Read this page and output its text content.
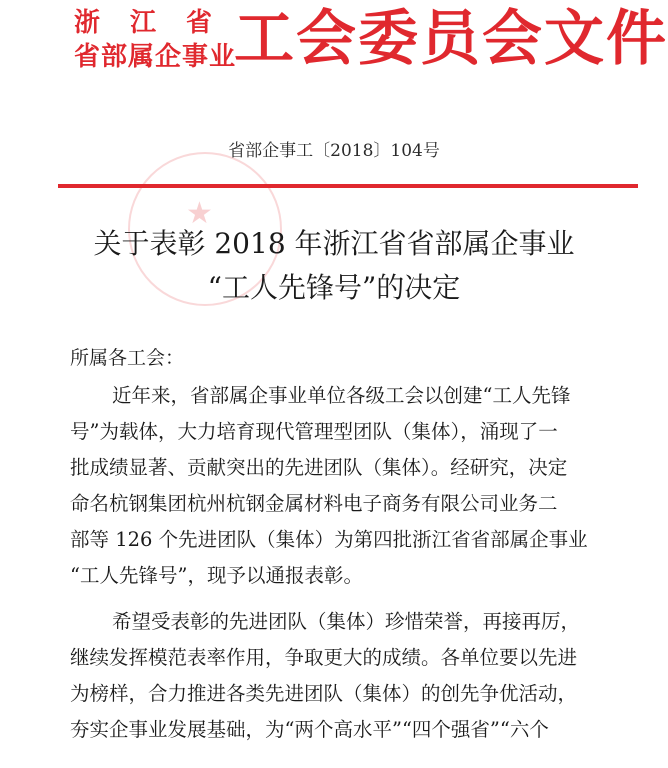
★
浙江省
省部属企事业
工会委员会文件
省部企事工〔2018〕104号
关于表彰 2018 年浙江省省部属企事业
“工人先锋号”的决定
所属各工会：
近年来，省部属企事业单位各级工会以创建“工人先锋
号”为载体，大力培育现代管理型团队（集体），涌现了一
批成绩显著、贡献突出的先进团队（集体）。经研究，决定
命名杭钢集团杭州杭钢金属材料电子商务有限公司业务二
部等 126 个先进团队（集体）为第四批浙江省省部属企事业
“工人先锋号”，现予以通报表彰。
希望受表彰的先进团队（集体）珍惜荣誉，再接再厉，
继续发挥模范表率作用，争取更大的成绩。各单位要以先进
为榜样，合力推进各类先进团队（集体）的创先争优活动，
夯实企事业发展基础，为“两个高水平”“四个强省”“六个
